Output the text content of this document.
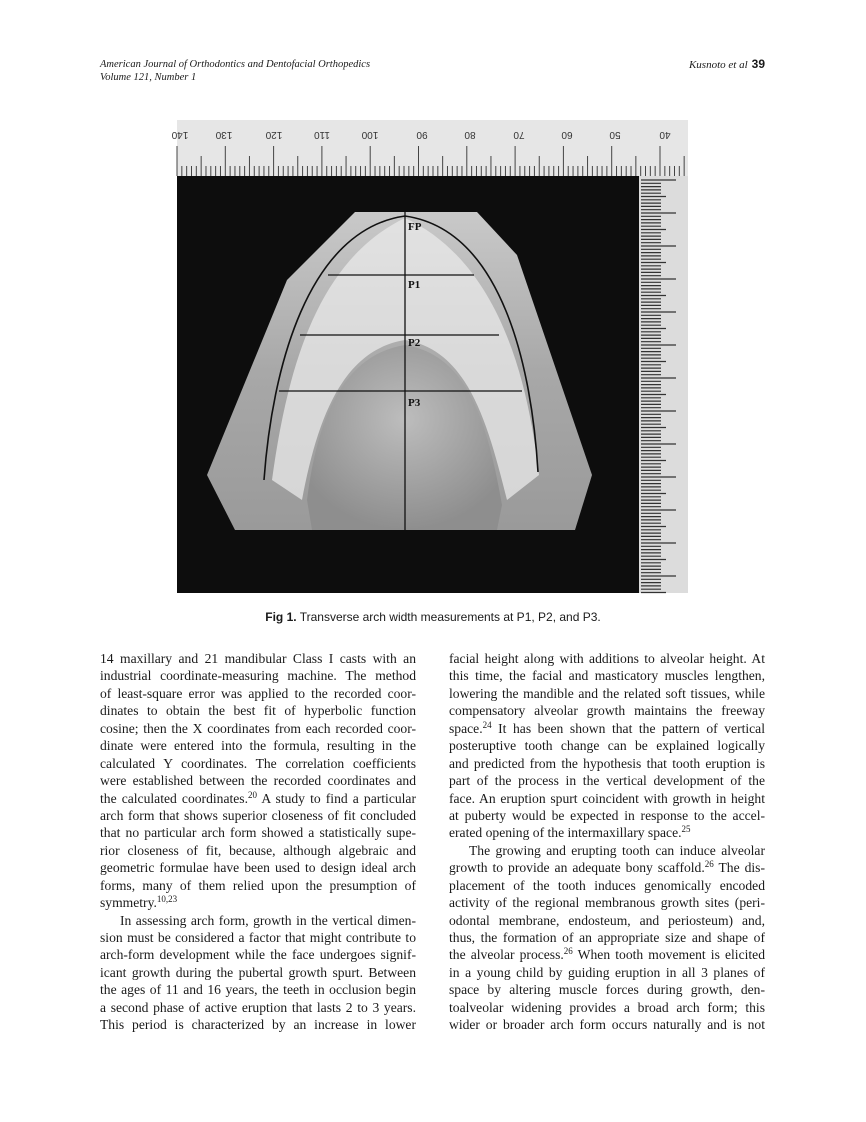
American Journal of Orthodontics and Dentofacial Orthopedics
Volume 121, Number 1
Kusnoto et al 39
140	130	120	110	100	90	80	70	60	50	40
FP
P1
P2
P3
Fig 1. Transverse arch width measurements at P1, P2, and P3.
14 maxillary and 21 mandibular Class I casts with an
industrial coordinate-measuring machine. The method
of least-square error was applied to the recorded coor-
dinates to obtain the best fit of hyperbolic function
cosine; then the X coordinates from each recorded coor-
dinate were entered into the formula, resulting in the
calculated Y coordinates. The correlation coefficients
were established between the recorded coordinates and
the calculated coordinates.$^{20}$ A study to find a particular
arch form that shows superior closeness of fit concluded
that no particular arch form showed a statistically supe-
rior closeness of fit, because, although algebraic and
geometric formulae have been used to design ideal arch
forms, many of them relied upon the presumption of
symmetry.$^{10,23}$
In assessing arch form, growth in the vertical dimen-
sion must be considered a factor that might contribute to
arch-form development while the face undergoes signif-
icant growth during the pubertal growth spurt. Between
the ages of 11 and 16 years, the teeth in occlusion begin
a second phase of active eruption that lasts 2 to 3 years.
This period is characterized by an increase in lower
facial height along with additions to alveolar height. At
this time, the facial and masticatory muscles lengthen,
lowering the mandible and the related soft tissues, while
compensatory alveolar growth maintains the freeway
space.$^{24}$ It has been shown that the pattern of vertical
posteruptive tooth change can be explained logically
and predicted from the hypothesis that tooth eruption is
part of the process in the vertical development of the
face. An eruption spurt coincident with growth in height
at puberty would be expected in response to the accel-
erated opening of the intermaxillary space.$^{25}$
The growing and erupting tooth can induce alveolar
growth to provide an adequate bony scaffold.$^{26}$ The dis-
placement of the tooth induces genomically encoded
activity of the regional membranous growth sites (peri-
odontal membrane, endosteum, and periosteum) and,
thus, the formation of an appropriate size and shape of
the alveolar process.$^{26}$ When tooth movement is elicited
in a young child by guiding eruption in all 3 planes of
space by altering muscle forces during growth, den-
toalveolar widening provides a broad arch form; this
wider or broader arch form occurs naturally and is not
